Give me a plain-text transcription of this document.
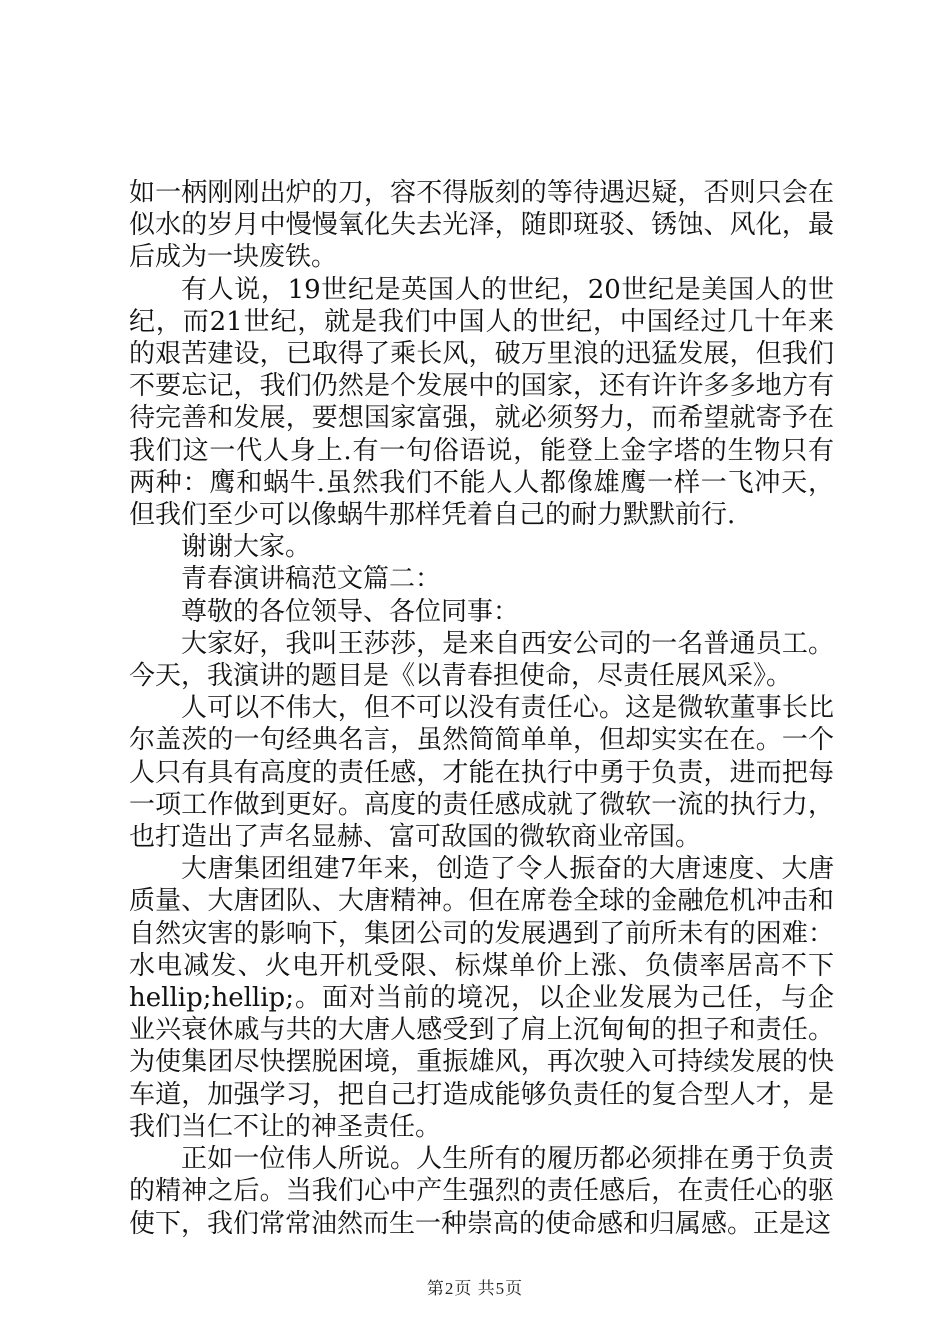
如一柄刚刚出炉的刀，容不得版刻的等待遇迟疑，否则只会在似水的岁月中慢慢氧化失去光泽，随即斑驳、锈蚀、风化，最后成为一块废铁。

有人说，19世纪是英国人的世纪，20世纪是美国人的世纪，而21世纪，就是我们中国人的世纪，中国经过几十年来的艰苦建设，已取得了乘长风，破万里浪的迅猛发展，但我们不要忘记，我们仍然是个发展中的国家，还有许许多多地方有待完善和发展，要想国家富强，就必须努力，而希望就寄予在我们这一代人身上.有一句俗语说，能登上金字塔的生物只有两种：鹰和蜗牛.虽然我们不能人人都像雄鹰一样一飞冲天，但我们至少可以像蜗牛那样凭着自己的耐力默默前行.

谢谢大家。

青春演讲稿范文篇二：

尊敬的各位领导、各位同事：

大家好，我叫王莎莎，是来自西安公司的一名普通员工。今天，我演讲的题目是《以青春担使命，尽责任展风采》。

人可以不伟大，但不可以没有责任心。这是微软董事长比尔盖茨的一句经典名言，虽然简简单单，但却实实在在。一个人只有具有高度的责任感，才能在执行中勇于负责，进而把每一项工作做到更好。高度的责任感成就了微软一流的执行力，也打造出了声名显赫、富可敌国的微软商业帝国。

大唐集团组建7年来，创造了令人振奋的大唐速度、大唐质量、大唐团队、大唐精神。但在席卷全球的金融危机冲击和自然灾害的影响下，集团公司的发展遇到了前所未有的困难：水电减发、火电开机受限、标煤单价上涨、负债率居高不下hellip;hellip;。面对当前的境况，以企业发展为己任，与企业兴衰休戚与共的大唐人感受到了肩上沉甸甸的担子和责任。为使集团尽快摆脱困境，重振雄风，再次驶入可持续发展的快车道，加强学习，把自己打造成能够负责任的复合型人才，是我们当仁不让的神圣责任。

正如一位伟人所说。人生所有的履历都必须排在勇于负责的精神之后。当我们心中产生强烈的责任感后，在责任心的驱使下，我们常常油然而生一种崇高的使命感和归属感。正是这

第2页 共5页
